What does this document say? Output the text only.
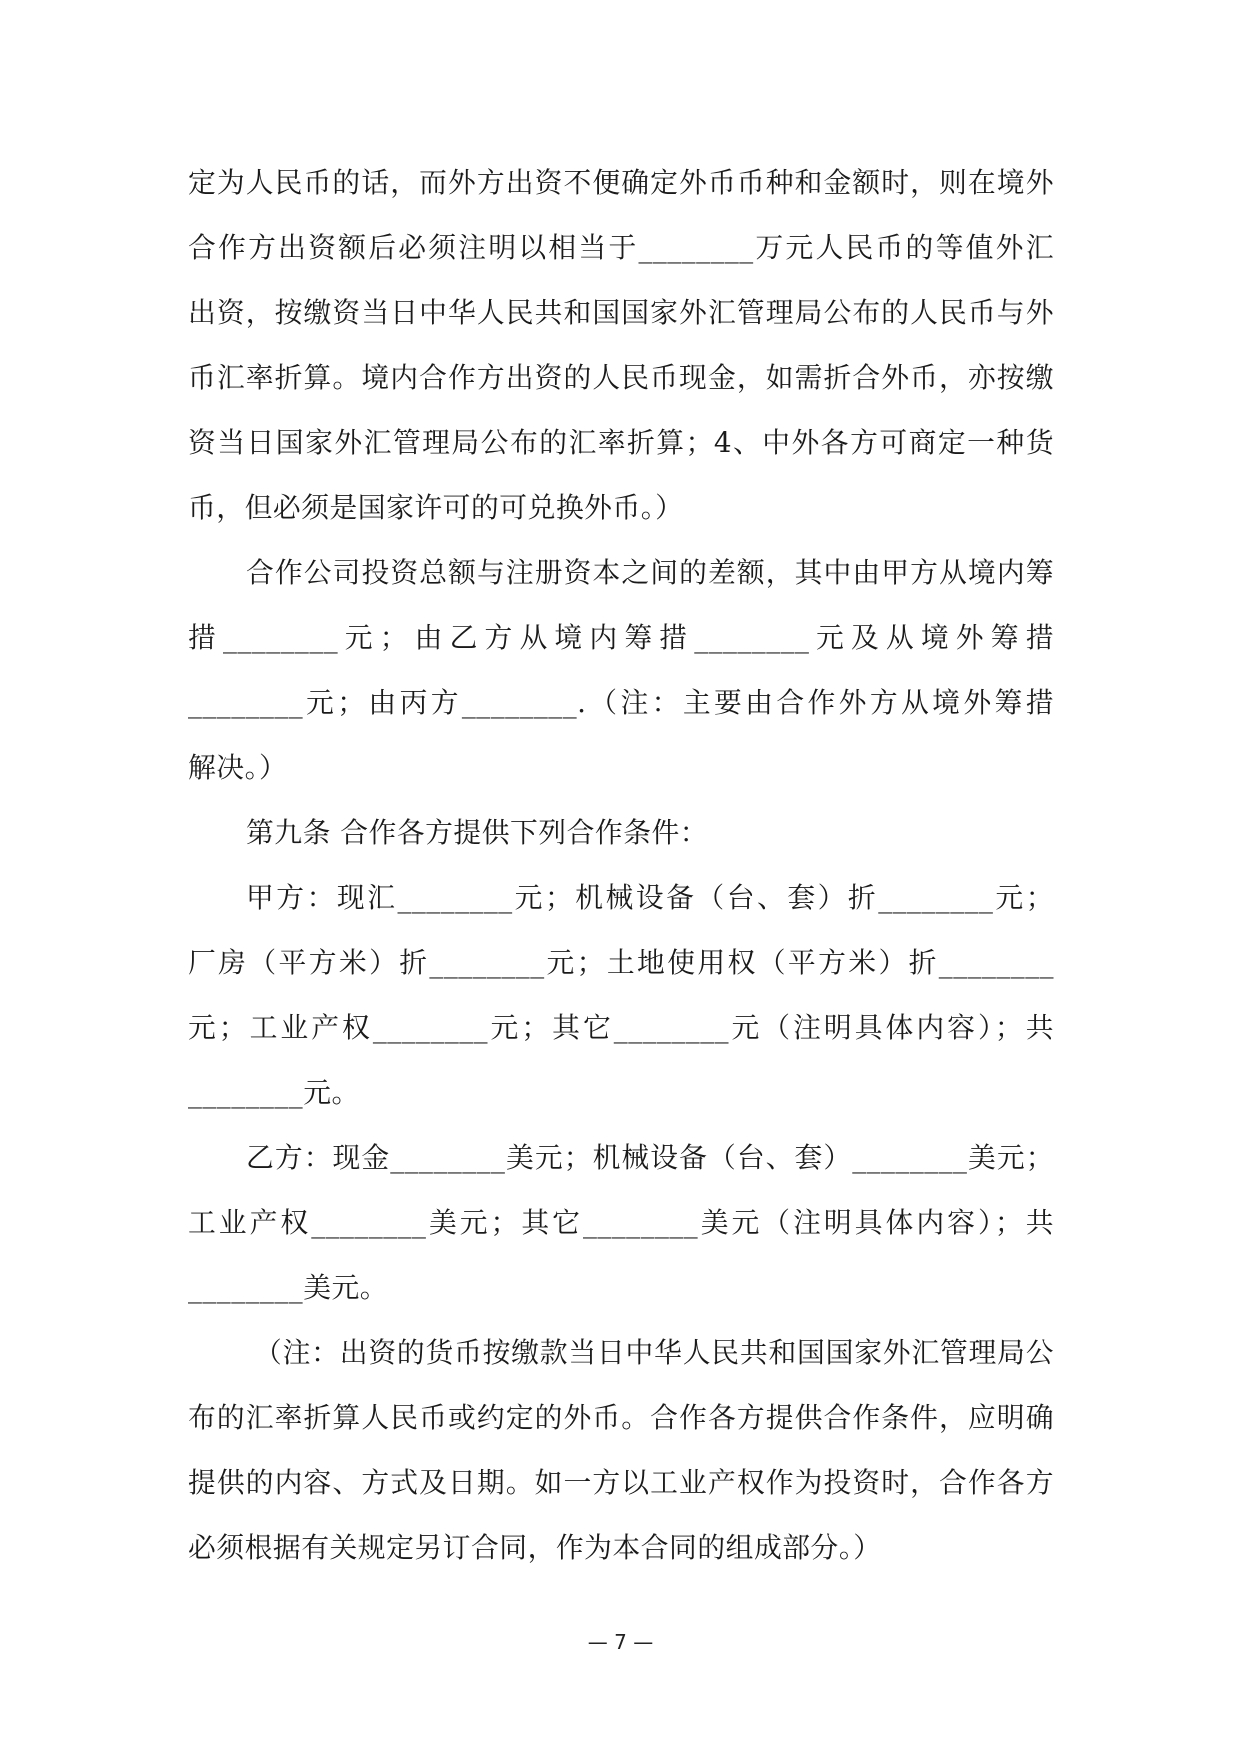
定为人民币的话，而外方出资不便确定外币币种和金额时，则在境外
合作方出资额后必须注明以相当于________万元人民币的等值外汇
出资，按缴资当日中华人民共和国国家外汇管理局公布的人民币与外
币汇率折算。境内合作方出资的人民币现金，如需折合外币，亦按缴
资当日国家外汇管理局公布的汇率折算；4、中外各方可商定一种货
币，但必须是国家许可的可兑换外币。）
合作公司投资总额与注册资本之间的差额，其中由甲方从境内筹
措________元；由乙方从境内筹措________元及从境外筹措
________元；由丙方________.（注：主要由合作外方从境外筹措
解决。）
第九条 合作各方提供下列合作条件：
甲方：现汇________元；机械设备（台、套）折________元；
厂房（平方米）折________元；土地使用权（平方米）折________
元；工业产权________元；其它________元（注明具体内容）；共
________元。
乙方：现金________美元；机械设备（台、套）________美元；
工业产权________美元；其它________美元（注明具体内容）；共
________美元。
（注：出资的货币按缴款当日中华人民共和国国家外汇管理局公
布的汇率折算人民币或约定的外币。合作各方提供合作条件，应明确
提供的内容、方式及日期。如一方以工业产权作为投资时，合作各方
必须根据有关规定另订合同，作为本合同的组成部分。）
— 7 —
